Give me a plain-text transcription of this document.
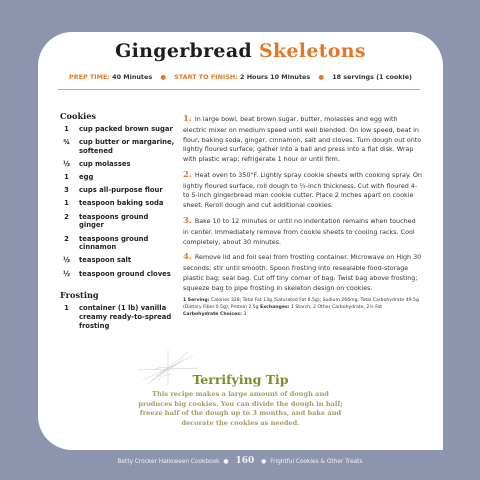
Gingerbread Skeletons
PREP TIME: 40 Minutes ● START TO FINISH: 2 Hours 10 Minutes ● 18 servings (1 cookie)
Cookies
1	cup packed brown sugar
¾	cup butter or margarine, softened
½	cup molasses
1	egg
3	cups all-purpose flour
1	teaspoon baking soda
2	teaspoons ground ginger
2	teaspoons ground cinnamon
½	teaspoon salt
½	teaspoon ground cloves
Frosting
1	container (1 lb) vanilla creamy ready-to-spread frosting

1. In large bowl, beat brown sugar, butter, molasses and egg with electric mixer on medium speed until well blended. On low speed, beat in flour, baking soda, ginger, cinnamon, salt and cloves. Turn dough out onto lightly floured surface; gather into a ball and press into a flat disk. Wrap with plastic wrap; refrigerate 1 hour or until firm.

2. Heat oven to 350°F. Lightly spray cookie sheets with cooking spray. On lightly floured surface, roll dough to ¼-inch thickness. Cut with floured 4- to 5-inch gingerbread man cookie cutter. Place 2 inches apart on cookie sheet. Reroll dough and cut additional cookies.

3. Bake 10 to 12 minutes or until no indentation remains when touched in center. Immediately remove from cookie sheets to cooling racks. Cool completely, about 30 minutes.

4. Remove lid and foil seal from frosting container. Microwave on High 30 seconds; stir until smooth. Spoon frosting into resealable food-storage plastic bag; seal bag. Cut off tiny corner of bag. Twist bag above frosting; squeeze bag to pipe frosting in skeleton design on cookies.

1 Serving: Calories 328; Total Fat 13g (Saturated Fat 6.5g); Sodium 266mg; Total Carbohydrate 49.5g (Dietary Fiber 0.5g); Protein 2.5g Exchanges: 1 Starch, 2 Other Carbohydrate, 2½ Fat
Carbohydrate Choices: 3

Terrifying Tip
This recipe makes a large amount of dough and produces big cookies. You can divide the dough in half; freeze half of the dough up to 3 months, and bake and decorate the cookies as needed.
Betty Crocker Halloween Cookbook ● 160 ● Frightful Cookies & Other Treats
